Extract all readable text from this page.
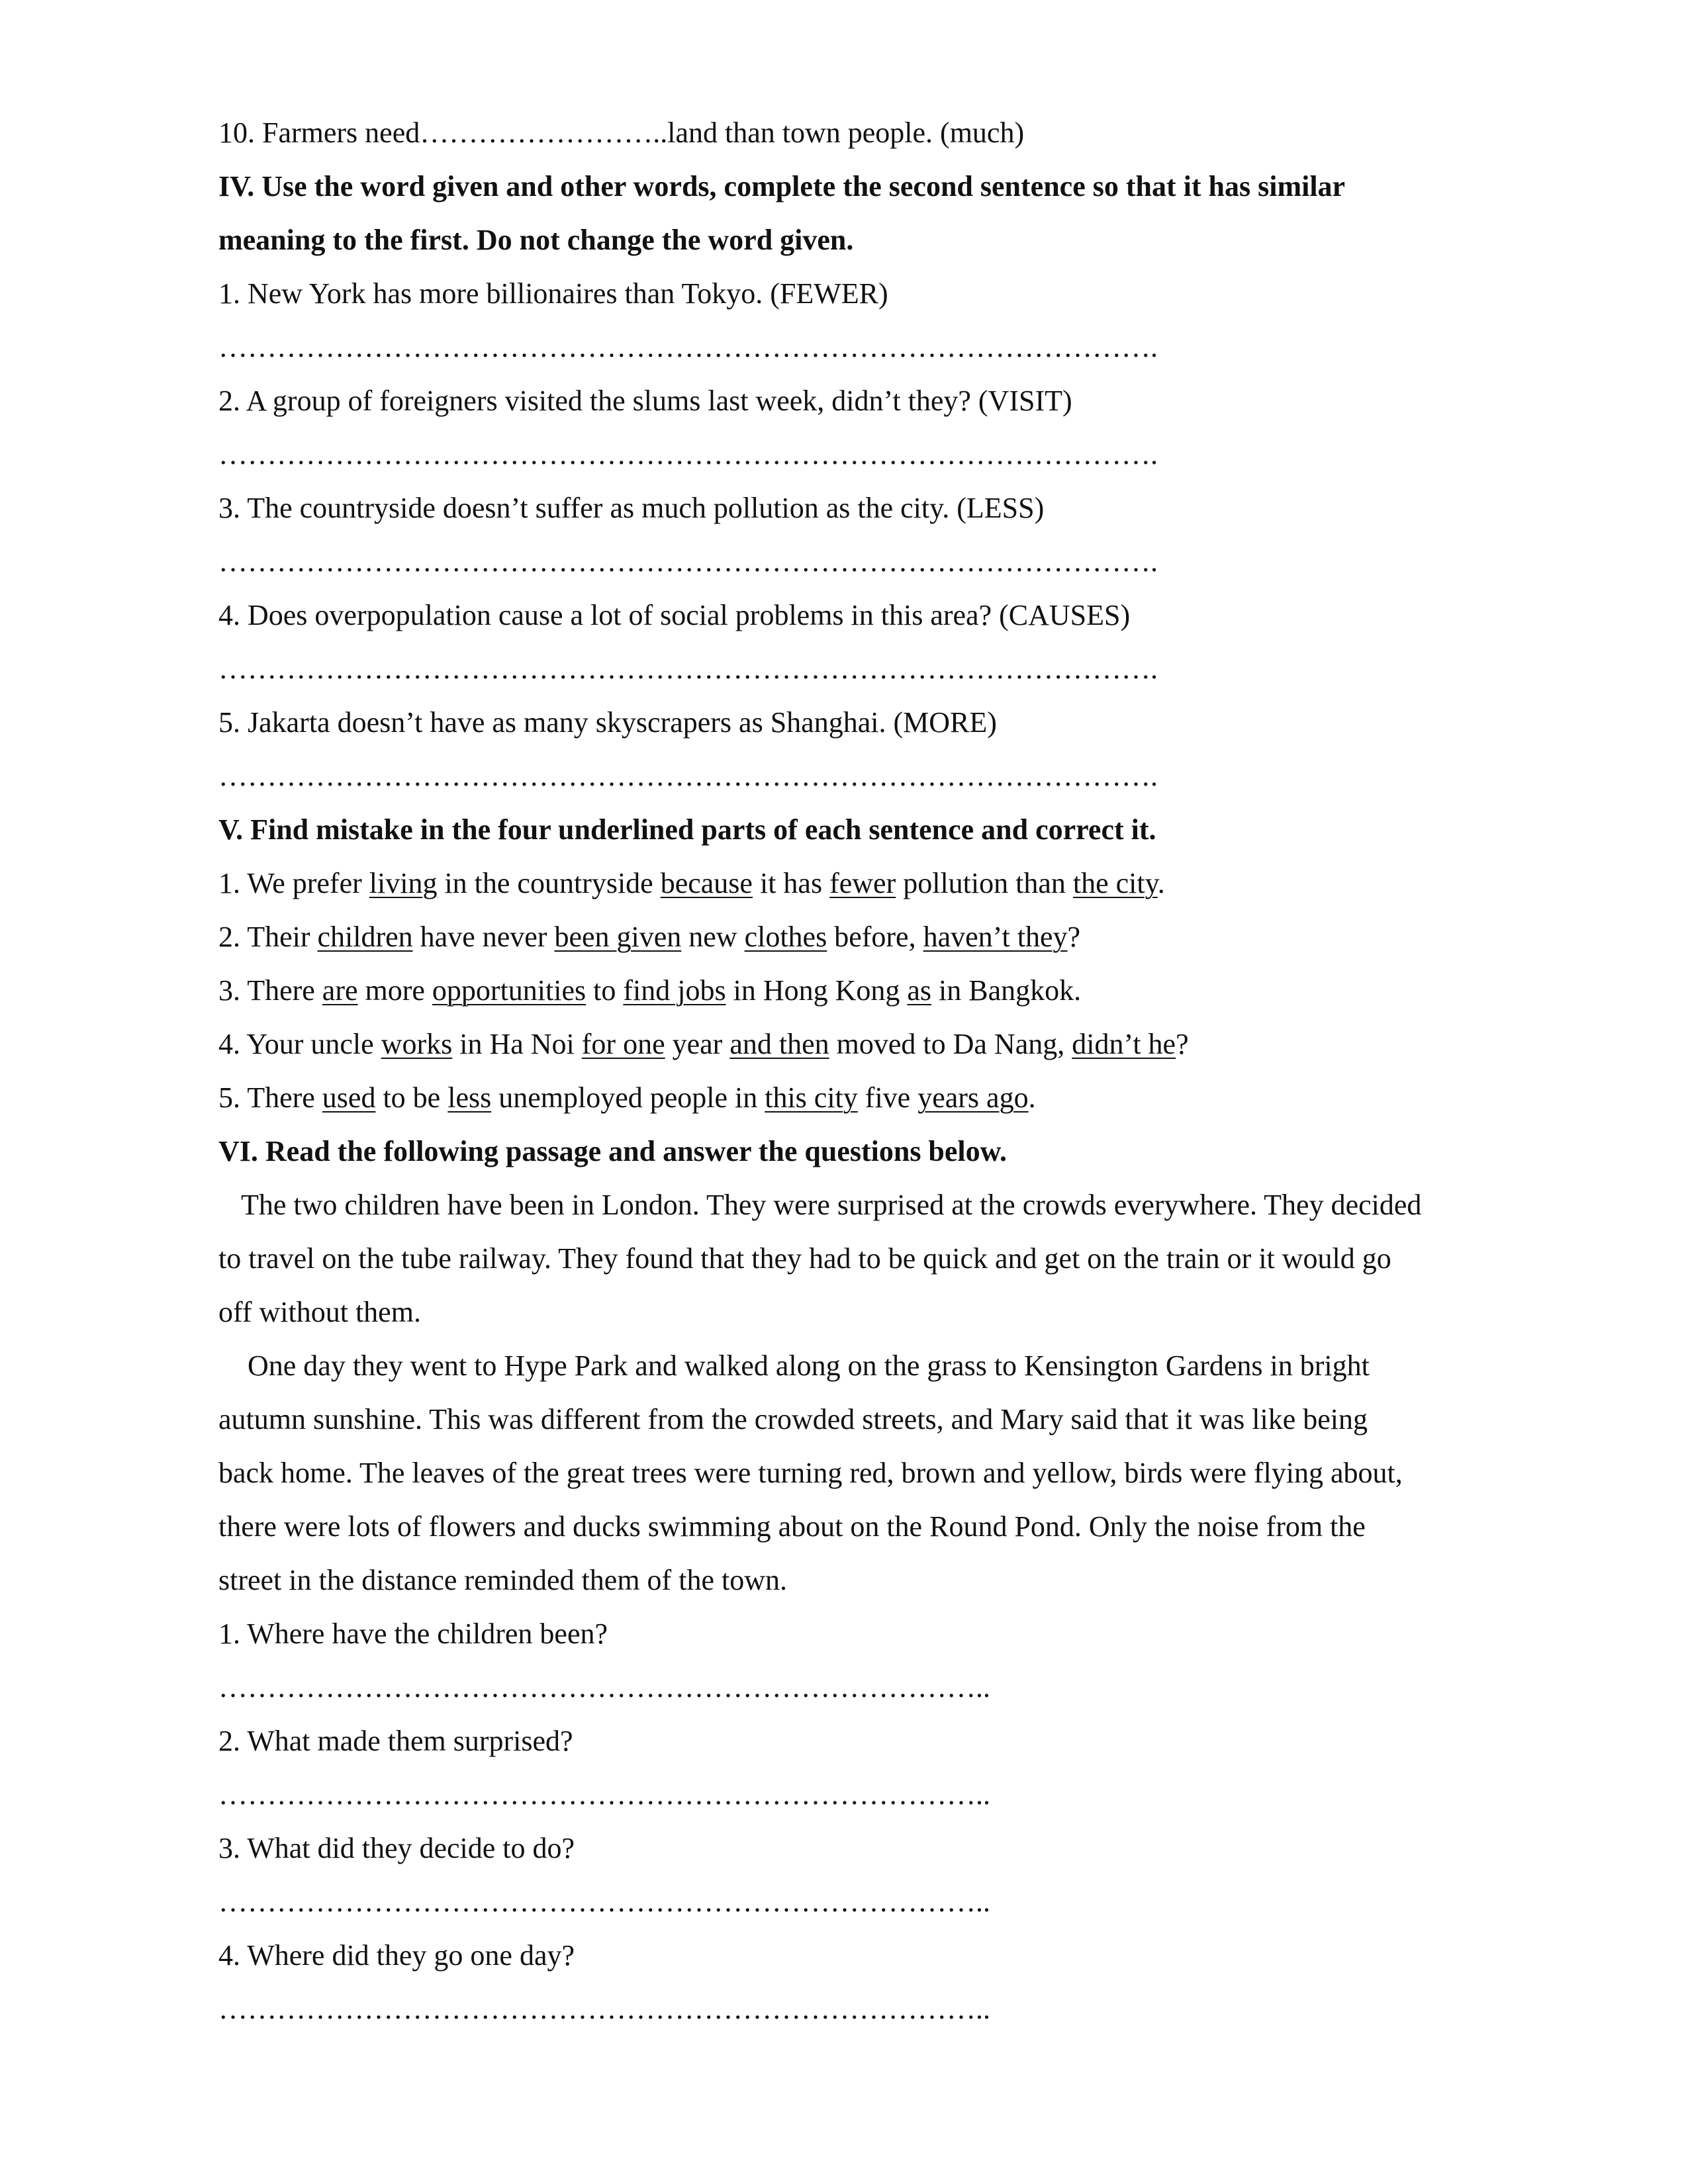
10. Farmers need……………………..land than town people. (much)
IV. Use the word given and other words, complete the second sentence so that it has similar
meaning to the first. Do not change the word given.
1. New York has more billionaires than Tokyo. (FEWER)
…………………………………………………………………………………….
2. A group of foreigners visited the slums last week, didn’t they? (VISIT)
…………………………………………………………………………………….
3. The countryside doesn’t suffer as much pollution as the city. (LESS)
…………………………………………………………………………………….
4. Does overpopulation cause a lot of social problems in this area? (CAUSES)
…………………………………………………………………………………….
5. Jakarta doesn’t have as many skyscrapers as Shanghai. (MORE)
…………………………………………………………………………………….
V. Find mistake in the four underlined parts of each sentence and correct it.
1. We prefer living in the countryside because it has fewer pollution than the city.
2. Their children have never been given new clothes before, haven’t they?
3. There are more opportunities to find jobs in Hong Kong as in Bangkok.
4. Your uncle works in Ha Noi for one year and then moved to Da Nang, didn’t he?
5. There used to be less unemployed people in this city five years ago.
VI. Read the following passage and answer the questions below.
The two children have been in London. They were surprised at the crowds everywhere. They decided
to travel on the tube railway. They found that they had to be quick and get on the train or it would go
off without them.
One day they went to Hype Park and walked along on the grass to Kensington Gardens in bright
autumn sunshine. This was different from the crowded streets, and Mary said that it was like being
back home. The leaves of the great trees were turning red, brown and yellow, birds were flying about,
there were lots of flowers and ducks swimming about on the Round Pond. Only the noise from the
street in the distance reminded them of the town.
1. Where have the children been?
……………………………………………………………………..
2. What made them surprised?
……………………………………………………………………..
3. What did they decide to do?
……………………………………………………………………..
4. Where did they go one day?
……………………………………………………………………..
